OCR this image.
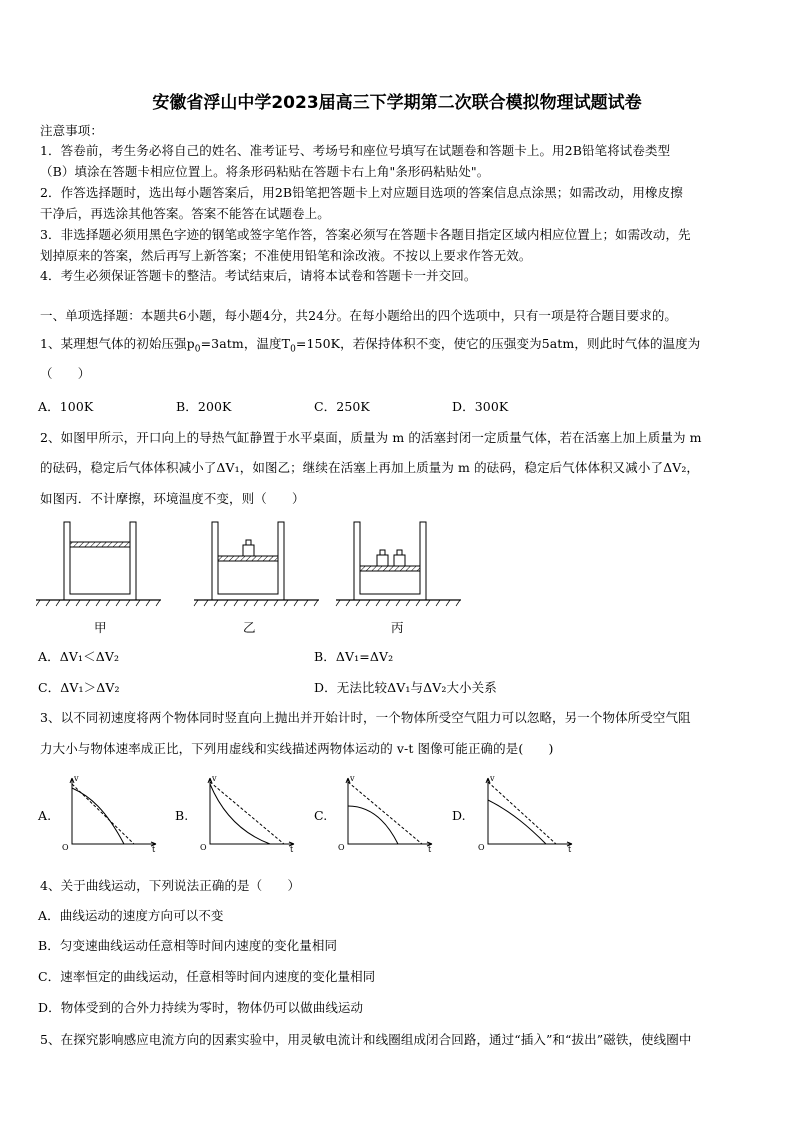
安徽省浮山中学2023届高三下学期第二次联合模拟物理试题试卷
注意事项：
1．答卷前，考生务必将自己的姓名、准考证号、考场号和座位号填写在试题卷和答题卡上。用2B铅笔将试卷类型
（B）填涂在答题卡相应位置上。将条形码粘贴在答题卡右上角"条形码粘贴处"。
2．作答选择题时，选出每小题答案后，用2B铅笔把答题卡上对应题目选项的答案信息点涂黑；如需改动，用橡皮擦
干净后，再选涂其他答案。答案不能答在试题卷上。
3．非选择题必须用黑色字迹的钢笔或签字笔作答，答案必须写在答题卡各题目指定区域内相应位置上；如需改动，先
划掉原来的答案，然后再写上新答案；不准使用铅笔和涂改液。不按以上要求作答无效。
4．考生必须保证答题卡的整洁。考试结束后，请将本试卷和答题卡一并交回。
一、单项选择题：本题共6小题，每小题4分，共24分。在每小题给出的四个选项中，只有一项是符合题目要求的。
1、某理想气体的初始压强$p_0=3atm$，温度$T_0=150K$，若保持体积不变，使它的压强变为5atm，则此时气体的温度为
（　　）
A．100K	B．200K	C．250K	D．300K
2、如图甲所示，开口向上的导热气缸静置于水平桌面，质量为 m 的活塞封闭一定质量气体，若在活塞上加上质量为 m
的砝码，稳定后气体体积减小了ΔV₁，如图乙；继续在活塞上再加上质量为 m 的砝码，稳定后气体体积又减小了ΔV₂，
如图丙．不计摩擦，环境温度不变，则（　　）
甲	乙	丙
A．ΔV₁＜ΔV₂	B．ΔV₁=ΔV₂
C．ΔV₁＞ΔV₂	D．无法比较ΔV₁与ΔV₂大小关系
3、以不同初速度将两个物体同时竖直向上抛出并开始计时，一个物体所受空气阻力可以忽略，另一个物体所受空气阻
力大小与物体速率成正比，下列用虚线和实线描述两物体运动的 v-t 图像可能正确的是(　　)
A.	B.	C.	D.
v
t
O
v
t
O
v
t
O
v
t
O
4、关于曲线运动，下列说法正确的是（　　）
A．曲线运动的速度方向可以不变
B．匀变速曲线运动任意相等时间内速度的变化量相同
C．速率恒定的曲线运动，任意相等时间内速度的变化量相同
D．物体受到的合外力持续为零时，物体仍可以做曲线运动
5、在探究影响感应电流方向的因素实验中，用灵敏电流计和线圈组成闭合回路，通过“插入”和“拔出”磁铁，使线圈中
